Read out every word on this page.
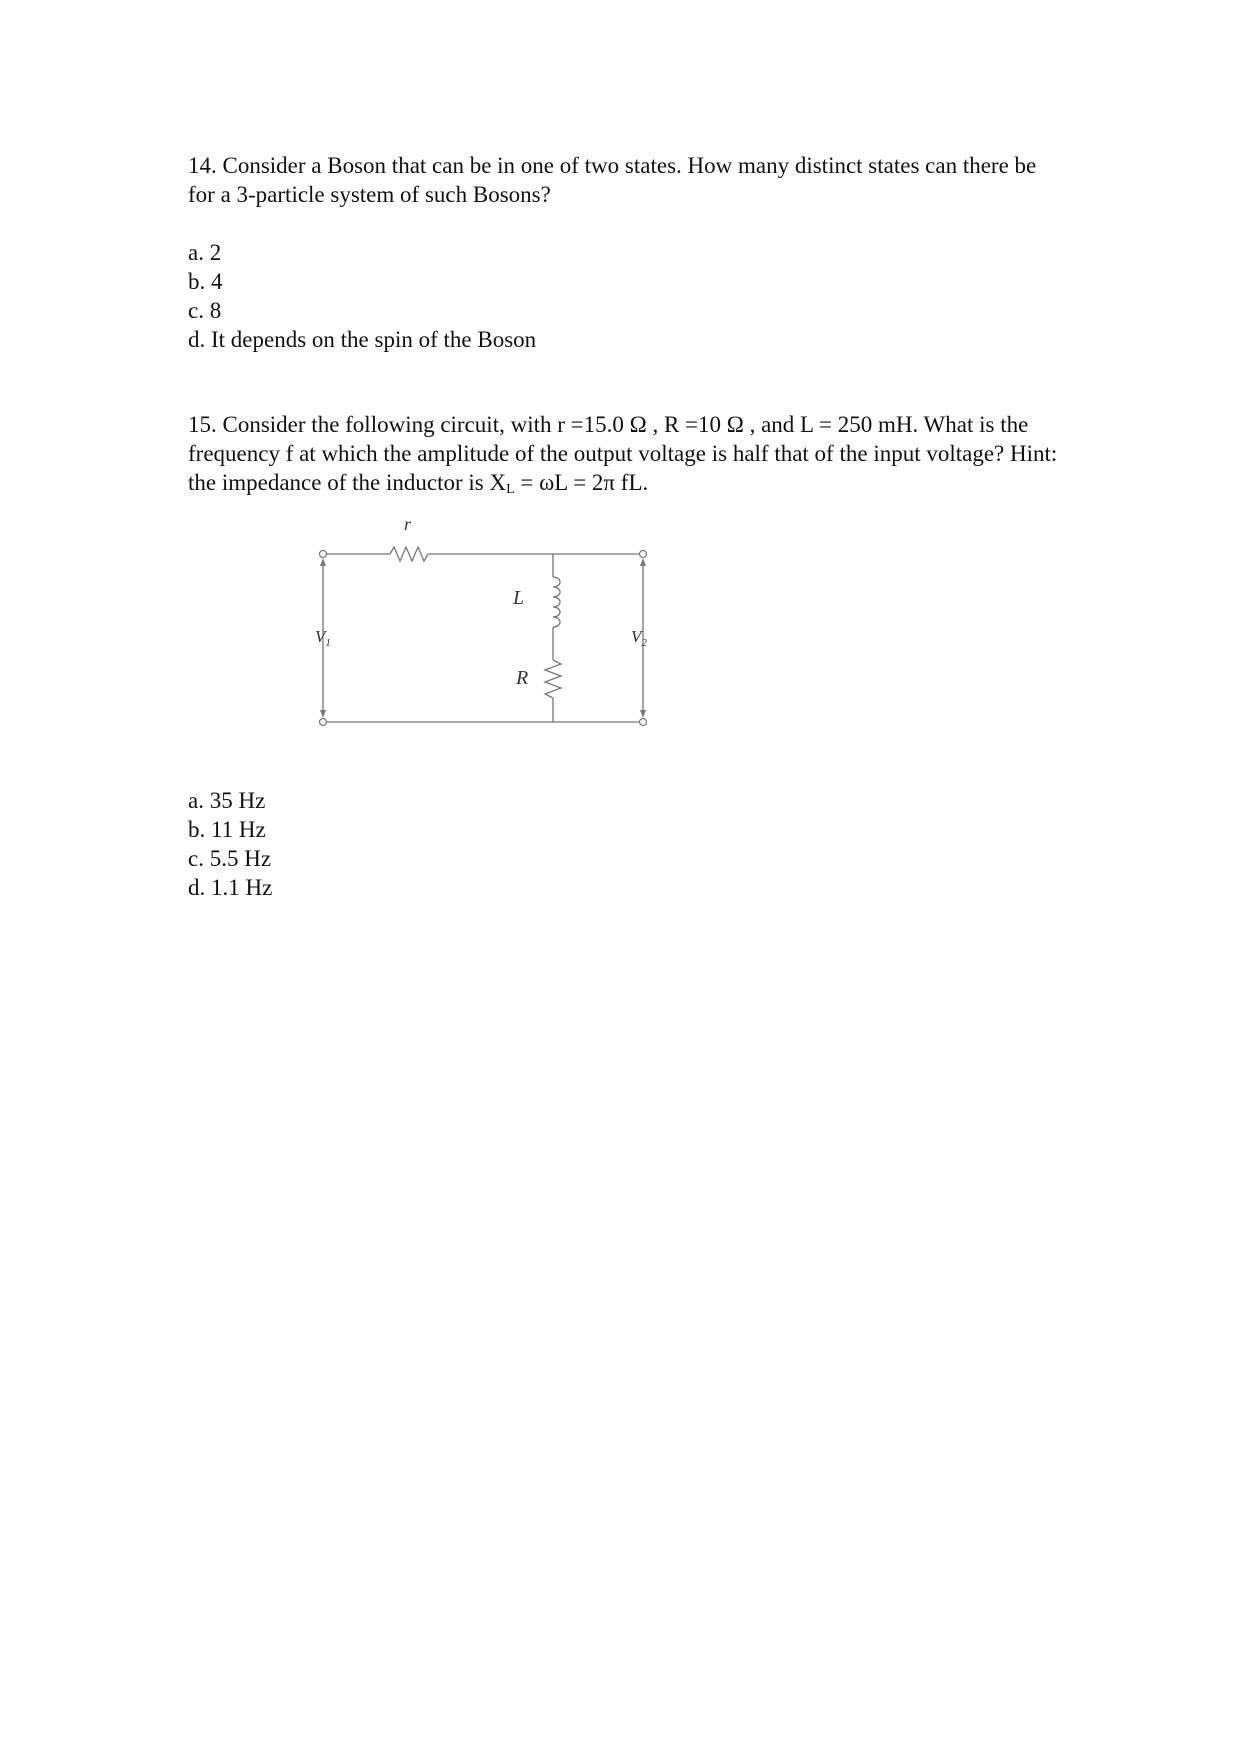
14. Consider a Boson that can be in one of two states. How many distinct states can there be for a 3-particle system of such Bosons?

a. 2
b. 4
c. 8
d. It depends on the spin of the Boson

15. Consider the following circuit, with r =15.0 Ω , R =10 Ω , and L = 250 mH. What is the frequency f at which the amplitude of the output voltage is half that of the input voltage? Hint: the impedance of the inductor is $X_L = \omega L = 2\pi$ fL.

r
L
R
$V_1$	$V_2$
a. 35 Hz
b. 11 Hz
c. 5.5 Hz
d. 1.1 Hz
